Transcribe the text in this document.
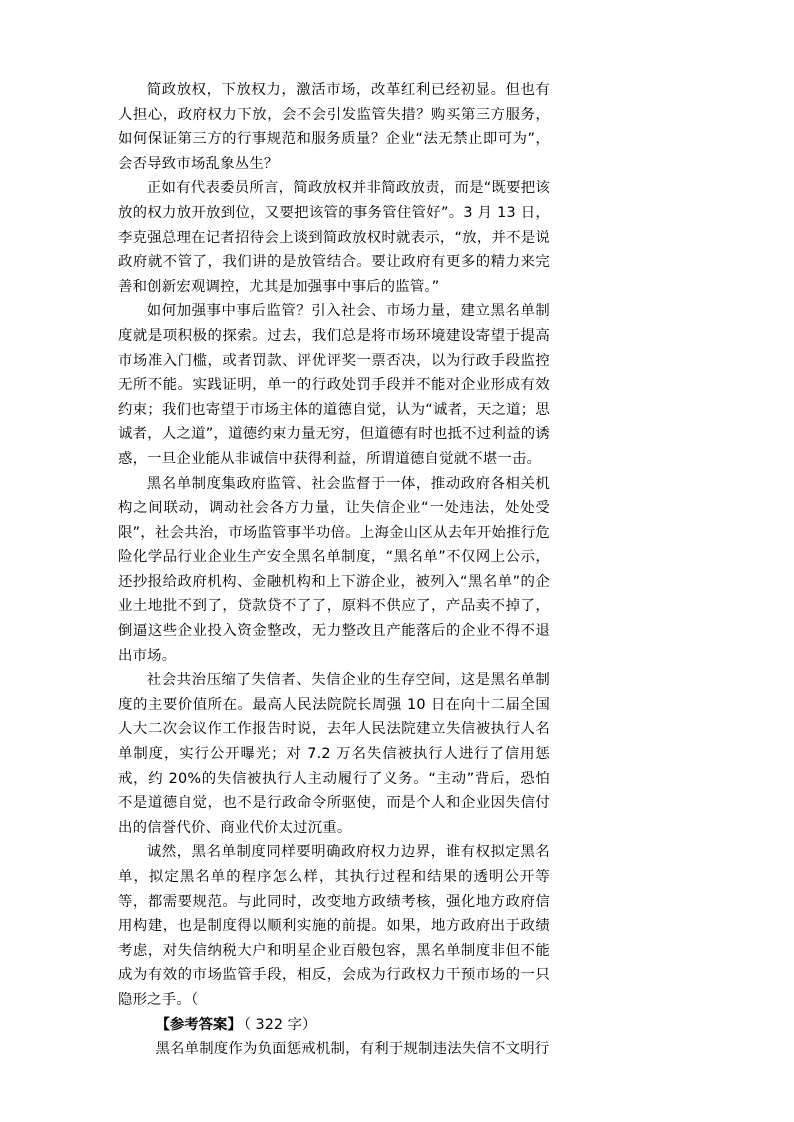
简政放权，下放权力，激活市场，改革红利已经初显。但也有人担心，政府权力下放，会不会引发监管失措？购买第三方服务，如何保证第三方的行事规范和服务质量？企业“法无禁止即可为”，会否导致市场乱象丛生？

正如有代表委员所言，简政放权并非简政放责，而是“既要把该放的权力放开放到位，又要把该管的事务管住管好”。3 月 13 日，李克强总理在记者招待会上谈到简政放权时就表示，“放，并不是说政府就不管了，我们讲的是放管结合。要让政府有更多的精力来完善和创新宏观调控，尤其是加强事中事后的监管。”

如何加强事中事后监管？引入社会、市场力量，建立黑名单制度就是项积极的探索。过去，我们总是将市场环境建设寄望于提高市场准入门槛，或者罚款、评优评奖一票否决，以为行政手段监控无所不能。实践证明，单一的行政处罚手段并不能对企业形成有效约束；我们也寄望于市场主体的道德自觉，认为“诚者，天之道；思诚者，人之道”，道德约束力量无穷，但道德有时也抵不过利益的诱惑，一旦企业能从非诚信中获得利益，所谓道德自觉就不堪一击。

黑名单制度集政府监管、社会监督于一体，推动政府各相关机构之间联动，调动社会各方力量，让失信企业“一处违法，处处受限”，社会共治，市场监管事半功倍。上海金山区从去年开始推行危险化学品行业企业生产安全黑名单制度，“黑名单”不仅网上公示，还抄报给政府机构、金融机构和上下游企业，被列入“黑名单”的企业土地批不到了，贷款贷不了了，原料不供应了，产品卖不掉了，倒逼这些企业投入资金整改，无力整改且产能落后的企业不得不退出市场。

社会共治压缩了失信者、失信企业的生存空间，这是黑名单制度的主要价值所在。最高人民法院院长周强 10 日在向十二届全国人大二次会议作工作报告时说，去年人民法院建立失信被执行人名单制度，实行公开曝光；对 7.2 万名失信被执行人进行了信用惩戒，约 20%的失信被执行人主动履行了义务。“主动”背后，恐怕不是道德自觉，也不是行政命令所驱使，而是个人和企业因失信付出的信誉代价、商业代价太过沉重。

诚然，黑名单制度同样要明确政府权力边界，谁有权拟定黑名单，拟定黑名单的程序怎么样，其执行过程和结果的透明公开等等，都需要规范。与此同时，改变地方政绩考核，强化地方政府信用构建，也是制度得以顺利实施的前提。如果，地方政府出于政绩考虑，对失信纳税大户和明星企业百般包容，黑名单制度非但不能成为有效的市场监管手段，相反，会成为行政权力干预市场的一只隐形之手。（

【参考答案】 （ 322 字）

黑名单制度作为负面惩戒机制，有利于规制违法失信不文明行
